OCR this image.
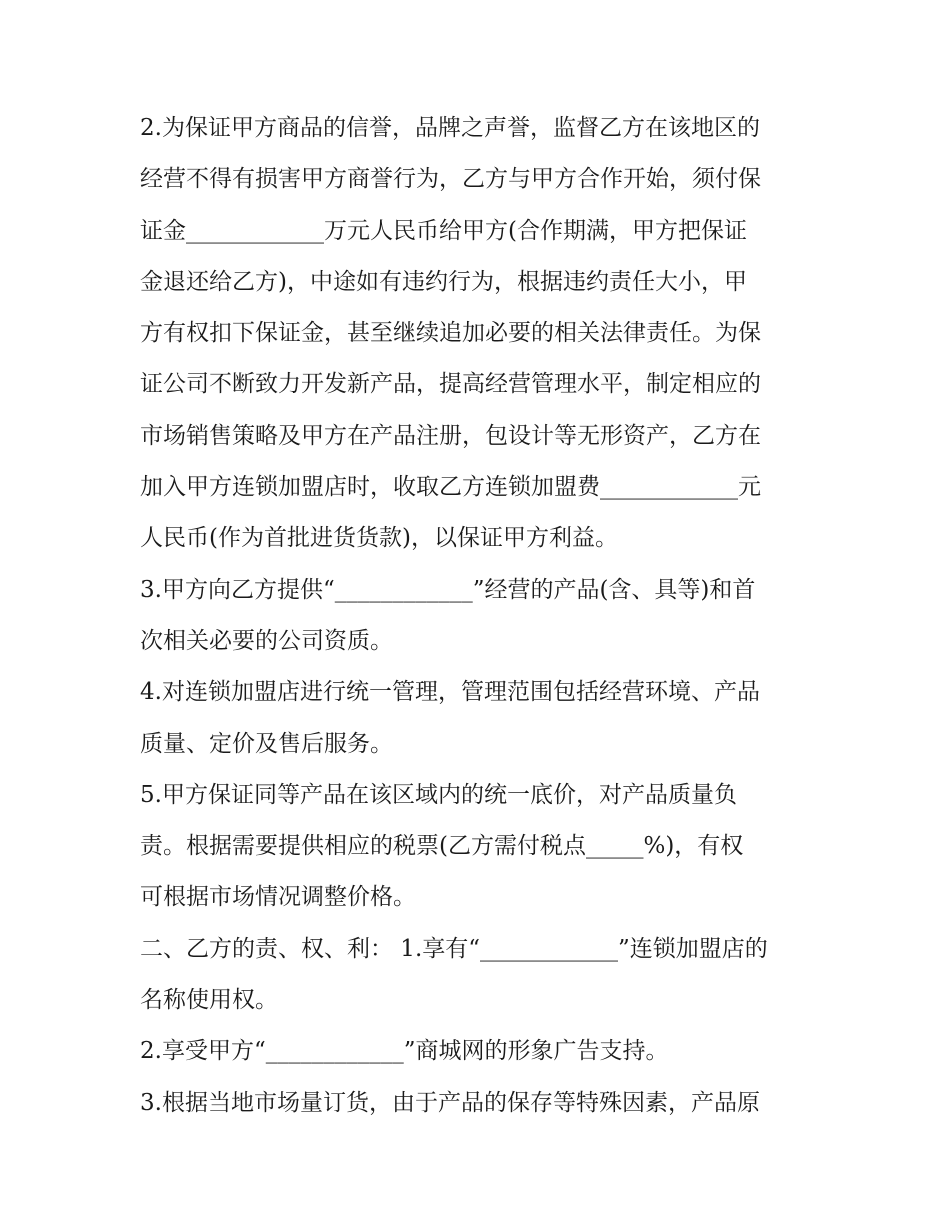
2.为保证甲方商品的信誉，品牌之声誉，监督乙方在该地区的
经营不得有损害甲方商誉行为，乙方与甲方合作开始，须付保
证金____________万元人民币给甲方(合作期满，甲方把保证
金退还给乙方)，中途如有违约行为，根据违约责任大小，甲
方有权扣下保证金，甚至继续追加必要的相关法律责任。为保
证公司不断致力开发新产品，提高经营管理水平，制定相应的
市场销售策略及甲方在产品注册，包设计等无形资产，乙方在
加入甲方连锁加盟店时，收取乙方连锁加盟费____________元
人民币(作为首批进货货款)，以保证甲方利益。
3.甲方向乙方提供“____________”经营的产品(含、具等)和首
次相关必要的公司资质。
4.对连锁加盟店进行统一管理，管理范围包括经营环境、产品
质量、定价及售后服务。
5.甲方保证同等产品在该区域内的统一底价，对产品质量负
责。根据需要提供相应的税票(乙方需付税点_____%)，有权
可根据市场情况调整价格。
二、乙方的责、权、利： 1.享有“____________”连锁加盟店的
名称使用权。
2.享受甲方“____________”商城网的形象广告支持。
3.根据当地市场量订货，由于产品的保存等特殊因素，产品原
